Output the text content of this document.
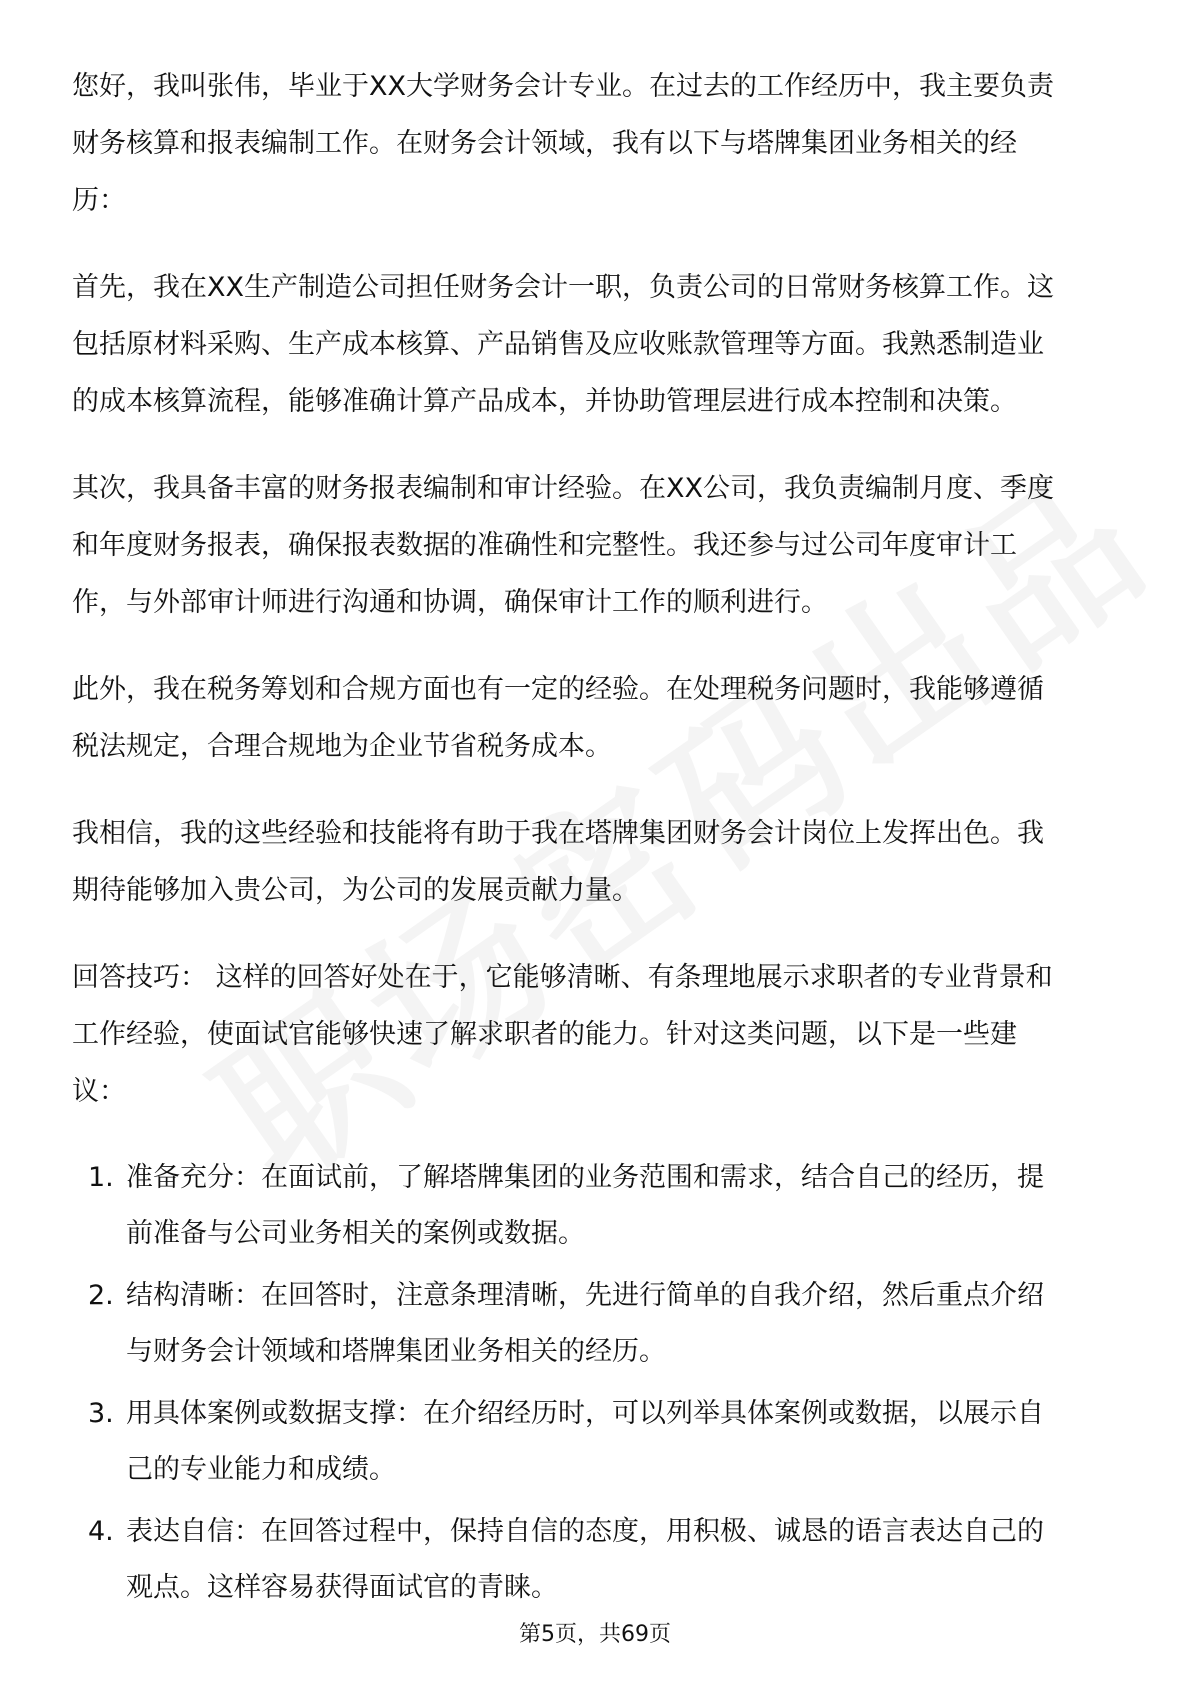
您好，我叫张伟，毕业于XX大学财务会计专业。在过去的工作经历中，我主要负责
财务核算和报表编制工作。在财务会计领域，我有以下与塔牌集团业务相关的经
历：
首先，我在XX生产制造公司担任财务会计一职，负责公司的日常财务核算工作。这
包括原材料采购、生产成本核算、产品销售及应收账款管理等方面。我熟悉制造业
的成本核算流程，能够准确计算产品成本，并协助管理层进行成本控制和决策。
其次，我具备丰富的财务报表编制和审计经验。在XX公司，我负责编制月度、季度
和年度财务报表，确保报表数据的准确性和完整性。我还参与过公司年度审计工
作，与外部审计师进行沟通和协调，确保审计工作的顺利进行。
此外，我在税务筹划和合规方面也有一定的经验。在处理税务问题时，我能够遵循
税法规定，合理合规地为企业节省税务成本。
我相信，我的这些经验和技能将有助于我在塔牌集团财务会计岗位上发挥出色。我
期待能够加入贵公司，为公司的发展贡献力量。
回答技巧： 这样的回答好处在于，它能够清晰、有条理地展示求职者的专业背景和
工作经验，使面试官能够快速了解求职者的能力。针对这类问题，以下是一些建
议：
1. 准备充分：在面试前，了解塔牌集团的业务范围和需求，结合自己的经历，提
前准备与公司业务相关的案例或数据。
2. 结构清晰：在回答时，注意条理清晰，先进行简单的自我介绍，然后重点介绍
与财务会计领域和塔牌集团业务相关的经历。
3. 用具体案例或数据支撑：在介绍经历时，可以列举具体案例或数据，以展示自
己的专业能力和成绩。
4. 表达自信：在回答过程中，保持自信的态度，用积极、诚恳的语言表达自己的
观点。这样容易获得面试官的青睐。
第5页，共69页
